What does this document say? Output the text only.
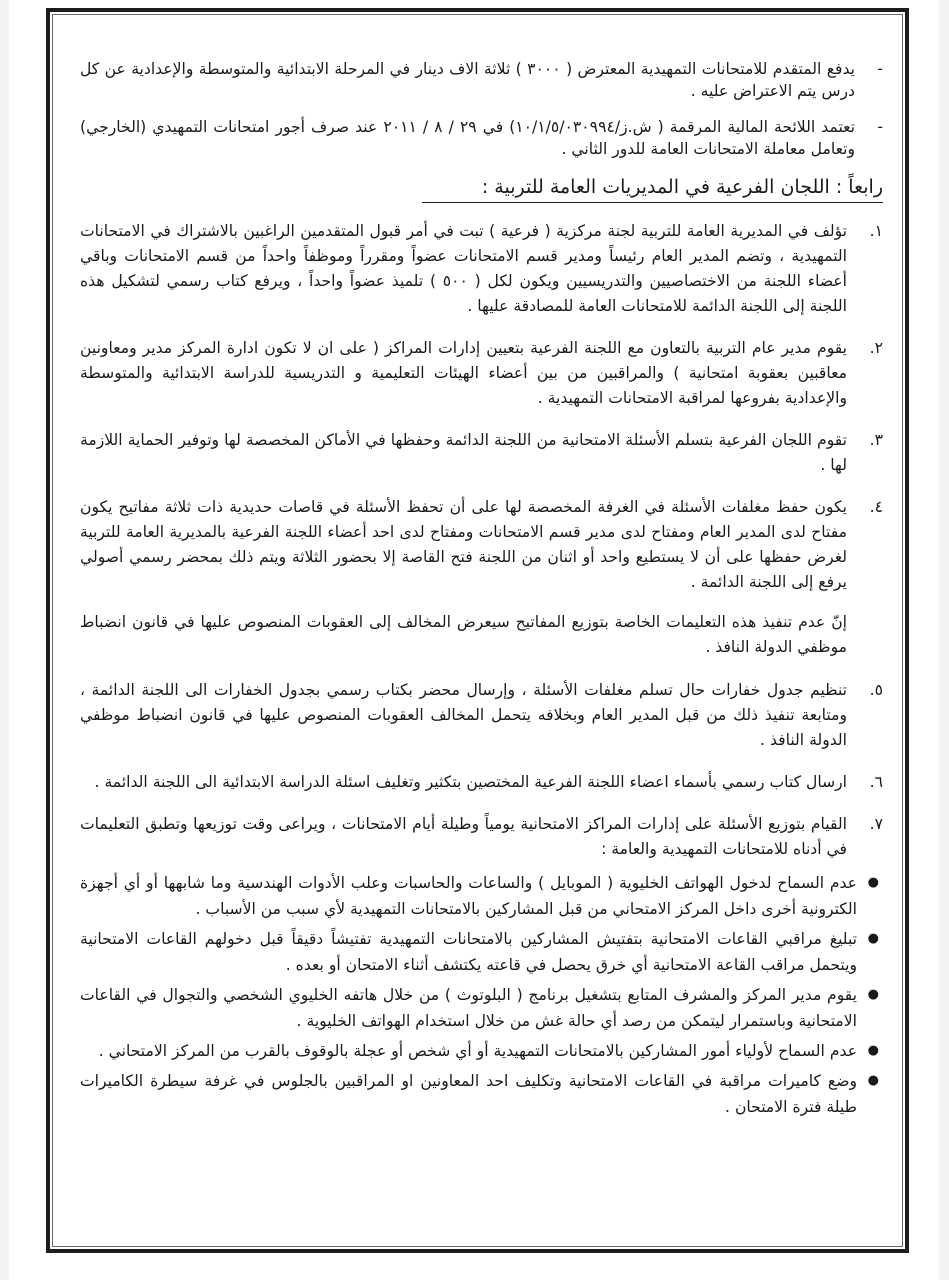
-
يدفع المتقدم للامتحانات التمهيدية المعترض ( ٣٠٠٠ ) ثلاثة الاف دينار في المرحلة الابتدائية والمتوسطة والإعدادية عن كل درس يتم الاعتراض عليه .
-
تعتمد اللائحة المالية المرقمة ( ش.ز/١٠/١/٥/٠٣٠٩٩٤) في ٢٩ / ٨ / ٢٠١١ عند صرف أجور امتحانات التمهيدي (الخارجي) وتعامل معاملة الامتحانات العامة للدور الثاني .
رابعاً : اللجان الفرعية في المديريات العامة للتربية :
١.
تؤلف في المديرية العامة للتربية لجنة مركزية ( فرعية ) تبت في أمر قبول المتقدمين الراغبين بالاشتراك في الامتحانات التمهيدية ، وتضم المدير العام رئيساً ومدير قسم الامتحانات عضواً ومقرراً وموظفاً واحداً من قسم الامتحانات وباقي أعضاء اللجنة من الاختصاصيين والتدريسيين ويكون لكل ( ٥٠٠ ) تلميذ عضواً واحداً ، ويرفع كتاب رسمي لتشكيل هذه اللجنة إلى اللجنة الدائمة للامتحانات العامة للمصادقة عليها .
٢.
يقوم مدير عام التربية بالتعاون مع اللجنة الفرعية بتعيين إدارات المراكز ( على ان لا تكون ادارة المركز مدير ومعاونين معاقبين بعقوبة امتحانية ) والمراقبين من بين أعضاء الهيئات التعليمية و التدريسية للدراسة الابتدائية والمتوسطة والإعدادية بفروعها لمراقبة الامتحانات التمهيدية .
٣.
تقوم اللجان الفرعية بتسلم الأسئلة الامتحانية من اللجنة الدائمة وحفظها في الأماكن المخصصة لها وتوفير الحماية اللازمة لها .
٤.
يكون حفظ مغلفات الأسئلة في الغرفة المخصصة لها على أن تحفظ الأسئلة في قاصات حديدية ذات ثلاثة مفاتيح يكون مفتاح لدى المدير العام ومفتاح لدى مدير قسم الامتحانات ومفتاح لدى احد أعضاء اللجنة الفرعية بالمديرية العامة للتربية لغرض حفظها على أن لا يستطيع واحد أو اثنان من اللجنة فتح القاصة إلا بحضور الثلاثة ويتم ذلك بمحضر رسمي أصولي يرفع إلى اللجنة الدائمة .
إنّ عدم تنفيذ هذه التعليمات الخاصة بتوزيع المفاتيح سيعرض المخالف إلى العقوبات المنصوص عليها في قانون انضباط موظفي الدولة النافذ .
٥.
تنظيم جدول خفارات حال تسلم مغلفات الأسئلة ، وإرسال محضر بكتاب رسمي بجدول الخفارات الى اللجنة الدائمة ، ومتابعة تنفيذ ذلك من قبل المدير العام وبخلافه يتحمل المخالف العقوبات المنصوص عليها في قانون انضباط موظفي الدولة النافذ .
٦.
ارسال كتاب رسمي بأسماء اعضاء اللجنة الفرعية المختصين بتكثير وتغليف اسئلة الدراسة الابتدائية الى اللجنة الدائمة .
٧.
القيام بتوزيع الأسئلة على إدارات المراكز الامتحانية يومياً وطيلة أيام الامتحانات ، ويراعى وقت توزيعها وتطبق التعليمات في أدناه للامتحانات التمهيدية والعامة :
●
عدم السماح لدخول الهواتف الخليوية ( الموبايل ) والساعات والحاسبات وعلب الأدوات الهندسية وما شابهها أو أي أجهزة الكترونية أخرى داخل المركز الامتحاني من قبل المشاركين بالامتحانات التمهيدية لأي سبب من الأسباب .
●
تبليغ مراقبي القاعات الامتحانية بتفتيش المشاركين بالامتحانات التمهيدية تفتيشاً دقيقاً قبل دخولهم القاعات الامتحانية ويتحمل مراقب القاعة الامتحانية أي خرق يحصل في قاعته يكتشف أثناء الامتحان أو بعده .
●
يقوم مدير المركز والمشرف المتابع بتشغيل برنامج ( البلوتوث ) من خلال هاتفه الخليوي الشخصي والتجوال في القاعات الامتحانية وباستمرار ليتمكن من رصد أي حالة غش من خلال استخدام الهواتف الخليوية .
●
عدم السماح لأولياء أمور المشاركين بالامتحانات التمهيدية أو أي شخص أو عجلة بالوقوف بالقرب من المركز الامتحاني .
●
وضع كاميرات مراقبة في القاعات الامتحانية وتكليف احد المعاونين او المراقبين بالجلوس في غرفة سيطرة الكاميرات طيلة فترة الامتحان .
